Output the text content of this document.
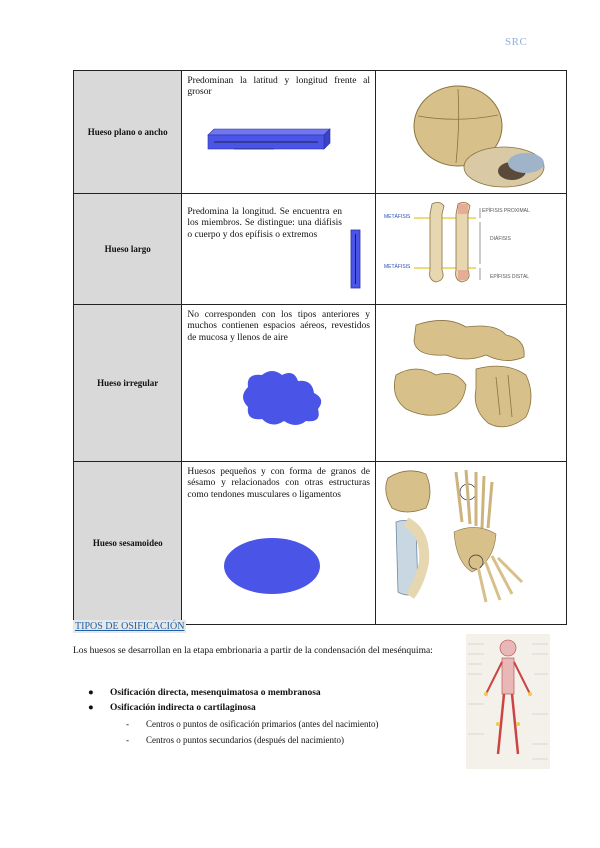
SRC
Hueso plano o ancho	Predominan la latitud y longitud frente al grosor

Hueso largo	Predomina la longitud. Se encuentra en los miembros. Se distingue: una diáfisis o cuerpo y dos epífisis o extremos	METÁFISIS
METÁFISIS
EPÍFISIS PROXIMAL
DIÁFISIS
EPÍFISIS DISTAL

Hueso irregular	No corresponden con los tipos anteriores y muchos contienen espacios aéreos, revestidos de mucosa y llenos de aire

Hueso sesamoideo	Huesos pequeños y con forma de granos de sésamo y relacionados con otras estructuras como tendones musculares o ligamentos

TIPOS DE OSIFICACIÓN
Los huesos se desarrollan en la etapa embrionaria a partir de la condensación del mesénquima:
● Osificación directa, mesenquimatosa o membranosa
● Osificación indirecta o cartilaginosa
- Centros o puntos de osificación primarios (antes del nacimiento)
- Centros o puntos secundarios (después del nacimiento)
